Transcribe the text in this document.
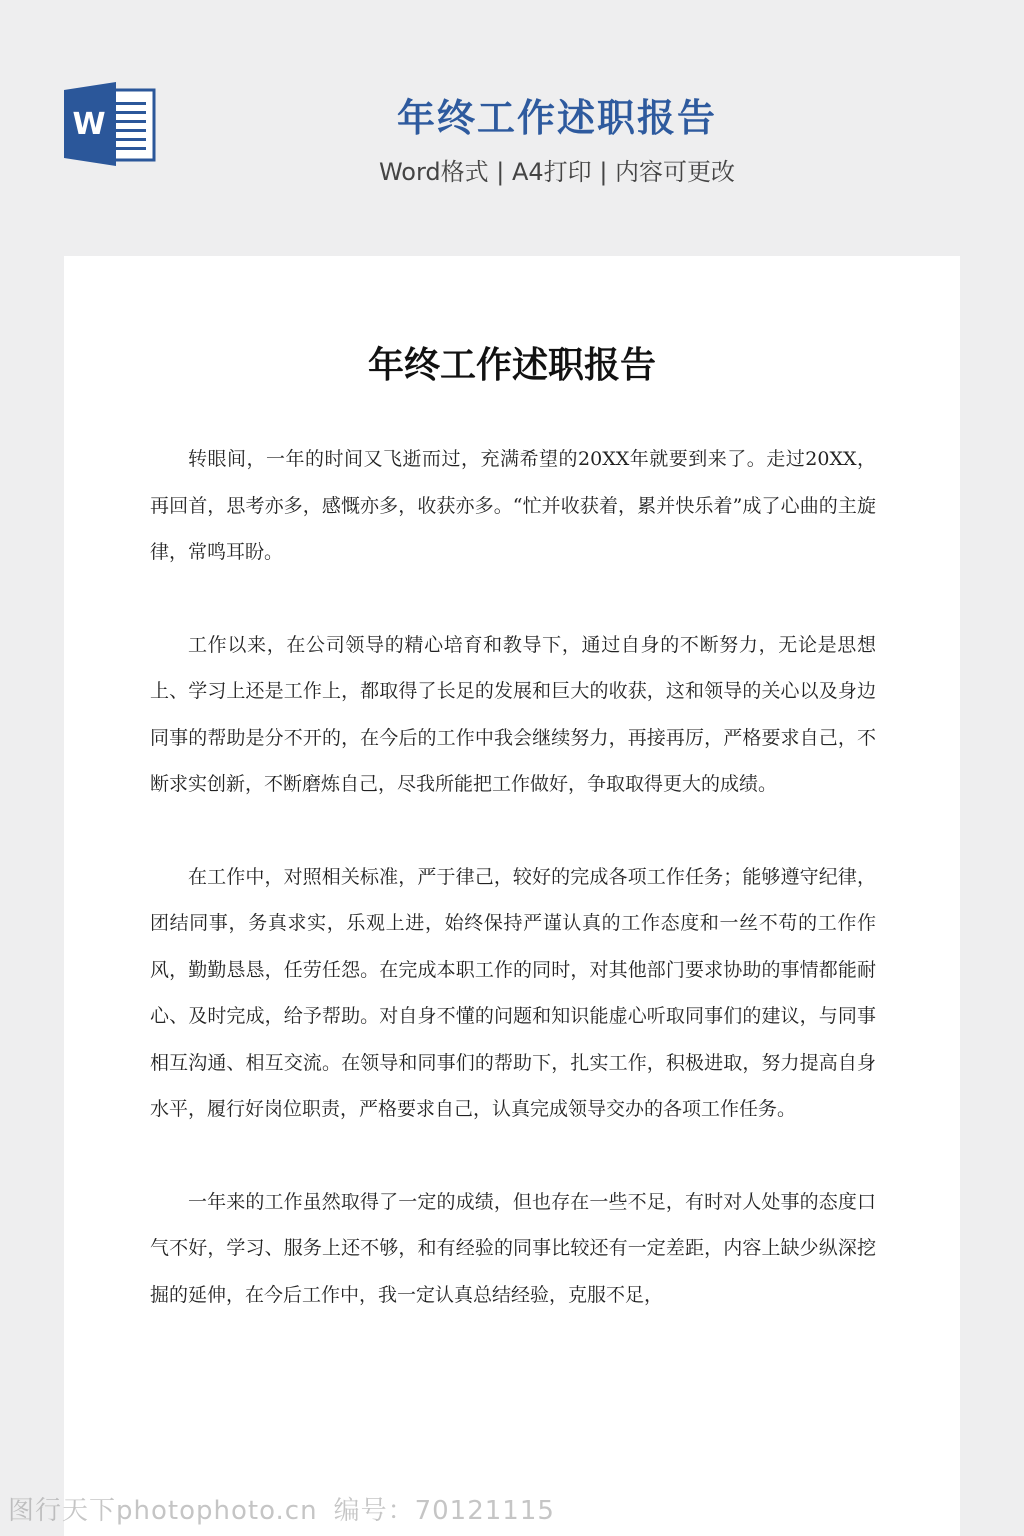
W	年终工作述职报告
Word格式 | A4打印 | 内容可更改
年终工作述职报告

转眼间，一年的时间又飞逝而过，充满希望的20XX年就要到来了。走过20XX，再回首，思考亦多，感慨亦多，收获亦多。“忙并收获着，累并快乐着”成了心曲的主旋律，常鸣耳盼。

工作以来，在公司领导的精心培育和教导下，通过自身的不断努力，无论是思想上、学习上还是工作上，都取得了长足的发展和巨大的收获，这和领导的关心以及身边同事的帮助是分不开的，在今后的工作中我会继续努力，再接再厉，严格要求自己，不断求实创新，不断磨炼自己，尽我所能把工作做好，争取取得更大的成绩。

在工作中，对照相关标准，严于律己，较好的完成各项工作任务；能够遵守纪律，团结同事，务真求实，乐观上进，始终保持严谨认真的工作态度和一丝不苟的工作作风，勤勤恳恳，任劳任怨。在完成本职工作的同时，对其他部门要求协助的事情都能耐心、及时完成，给予帮助。对自身不懂的问题和知识能虚心听取同事们的建议，与同事相互沟通、相互交流。在领导和同事们的帮助下，扎实工作，积极进取，努力提高自身水平，履行好岗位职责，严格要求自己，认真完成领导交办的各项工作任务。

一年来的工作虽然取得了一定的成绩，但也存在一些不足，有时对人处事的态度口气不好，学习、服务上还不够，和有经验的同事比较还有一定差距，内容上缺少纵深挖掘的延伸，在今后工作中，我一定认真总结经验，克服不足，

图行天下photophoto.cn 编号：70121115
